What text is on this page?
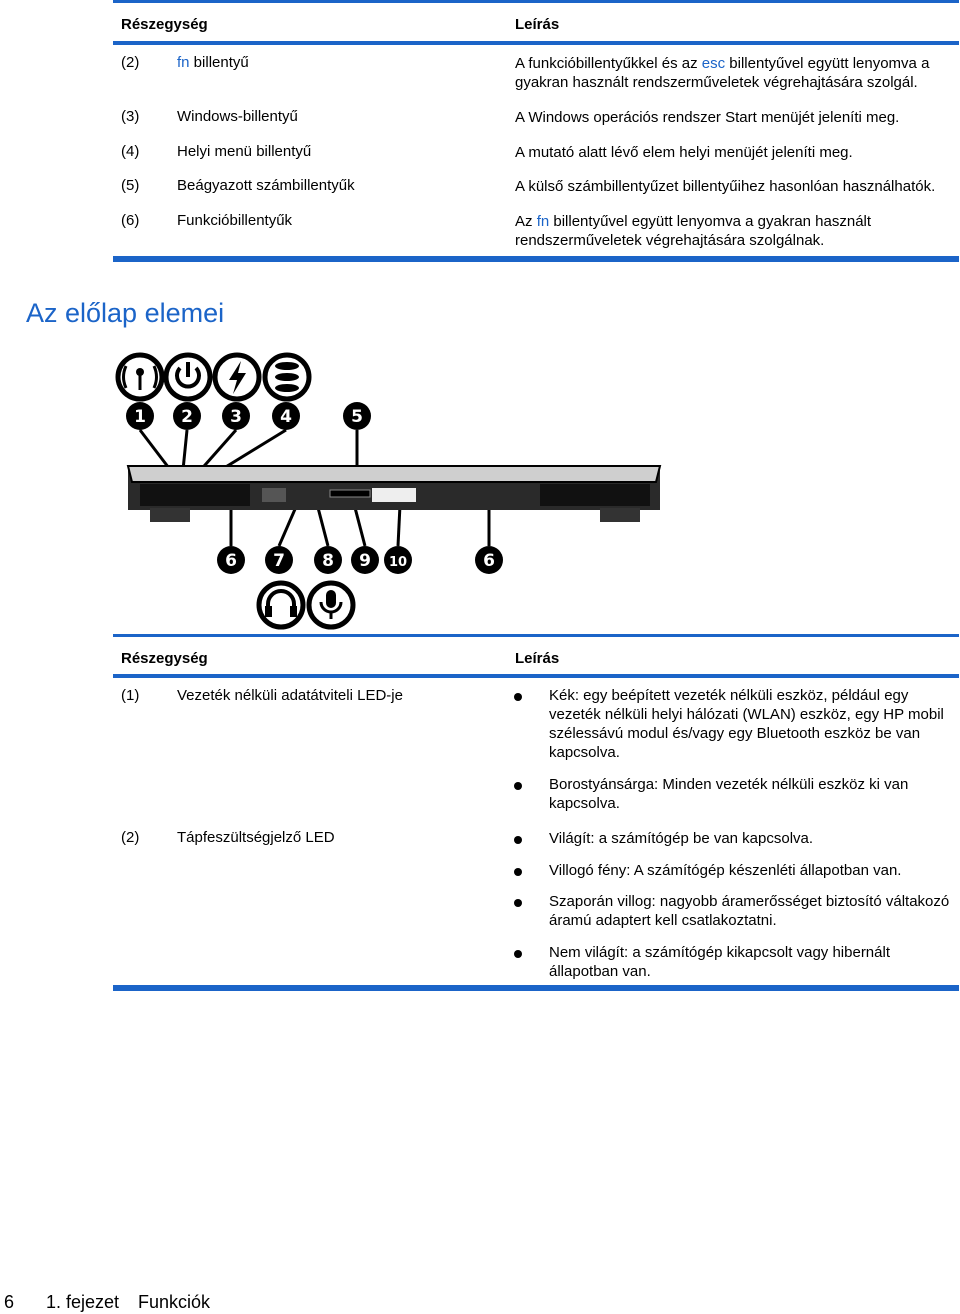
Részegység	Leírás
(2)	fn billentyű	A funkcióbillentyűkkel és az esc billentyűvel együtt lenyomva a
gyakran használt rendszerműveletek végrehajtására szolgál.
(3)	Windows-billentyű	A Windows operációs rendszer Start menüjét jeleníti meg.
(4)	Helyi menü billentyű	A mutató alatt lévő elem helyi menüjét jeleníti meg.
(5)	Beágyazott számbillentyűk	A külső számbillentyűzet billentyűihez hasonlóan használhatók.
(6)	Funkcióbillentyűk	Az fn billentyűvel együtt lenyomva a gyakran használt
rendszerműveletek végrehajtására szolgálnak.
Az előlap elemei
1 2 3 4	5
6 7 8 9 10	6
Részegység	Leírás
(1)	Vezeték nélküli adatátviteli LED-je	Kék: egy beépített vezeték nélküli eszköz, például egy
vezeték nélküli helyi hálózati (WLAN) eszköz, egy HP mobil
szélessávú modul és/vagy egy Bluetooth eszköz be van
kapcsolva.
Borostyánsárga: Minden vezeték nélküli eszköz ki van
kapcsolva.
(2)	Tápfeszültségjelző LED	Világít: a számítógép be van kapcsolva.
Villogó fény: A számítógép készenléti állapotban van.
Szaporán villog: nagyobb áramerősséget biztosító váltakozó
áramú adaptert kell csatlakoztatni.
Nem világít: a számítógép kikapcsolt vagy hibernált
állapotban van.
6 1. fejezet Funkciók
